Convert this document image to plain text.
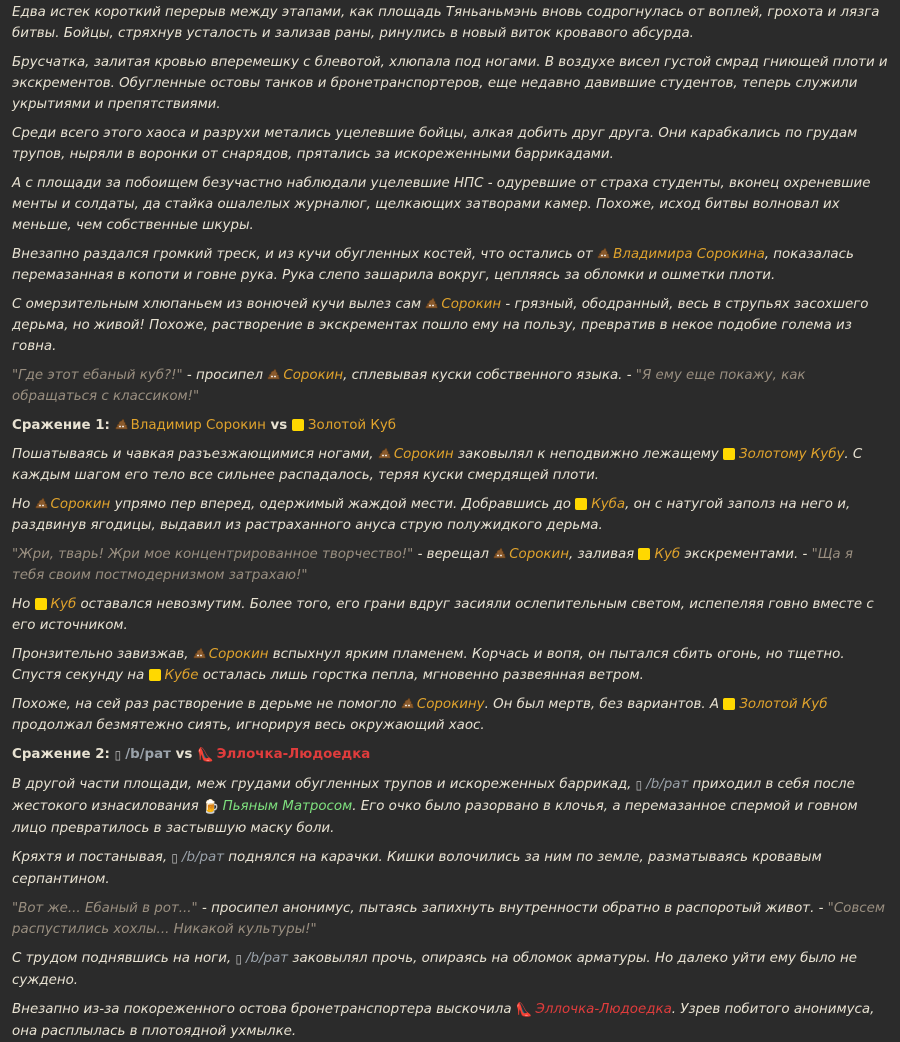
Едва истек короткий перерыв между этапами, как площадь Тяньаньмэнь вновь содрогнулась от воплей, грохота и лязга битвы. Бойцы, стряхнув усталость и зализав раны, ринулись в новый виток кровавого абсурда.

Брусчатка, залитая кровью вперемешку с блевотой, хлюпала под ногами. В воздухе висел густой смрад гниющей плоти и экскрементов. Обугленные остовы танков и бронетранспортеров, еще недавно давившие студентов, теперь служили укрытиями и препятствиями.

Среди всего этого хаоса и разрухи метались уцелевшие бойцы, алкая добить друг друга. Они карабкались по грудам трупов, ныряли в воронки от снарядов, прятались за искореженными баррикадами.

А с площади за побоищем безучастно наблюдали уцелевшие НПС - одуревшие от страха студенты, вконец охреневшие менты и солдаты, да стайка ошалелых журналюг, щелкающих затворами камер. Похоже, исход битвы волновал их меньше, чем собственные шкуры.

Внезапно раздался громкий треск, и из кучи обугленных костей, что остались от Владимира Сорокина, показалась перемазанная в копоти и говне рука. Рука слепо зашарила вокруг, цепляясь за обломки и ошметки плоти.

С омерзительным хлюпаньем из вонючей кучи вылез сам Сорокин - грязный, ободранный, весь в струпьях засохшего дерьма, но живой! Похоже, растворение в экскрементах пошло ему на пользу, превратив в некое подобие голема из говна.

"Где этот ебаный куб?!" - просипел Сорокин, сплевывая куски собственного языка. - "Я ему еще покажу, как обращаться с классиком!"

Сражение 1: Владимир Сорокин vs Золотой Куб

Пошатываясь и чавкая разъезжающимися ногами, Сорокин заковылял к неподвижно лежащему Золотому Кубу. С каждым шагом его тело все сильнее распадалось, теряя куски смердящей плоти.

Но Сорокин упрямо пер вперед, одержимый жаждой мести. Добравшись до Куба, он с натугой заполз на него и, раздвинув ягодицы, выдавил из растраханного ануса струю полужидкого дерьма.

"Жри, тварь! Жри мое концентрированное творчество!" - верещал Сорокин, заливая Куб экскрементами. - "Ща я тебя своим постмодернизмом затрахаю!"

Но Куб оставался невозмутим. Более того, его грани вдруг засияли ослепительным светом, испепеляя говно вместе с его источником.

Пронзительно завизжав, Сорокин вспыхнул ярким пламенем. Корчась и вопя, он пытался сбить огонь, но тщетно. Спустя секунду на Кубе осталась лишь горстка пепла, мгновенно развеянная ветром.

Похоже, на сей раз растворение в дерьме не помогло Сорокину. Он был мертв, без вариантов. А Золотой Куб продолжал безмятежно сиять, игнорируя весь окружающий хаос.

Сражение 2: ▯ /b/рат vs 👠 Эллочка-Людоедка

В другой части площади, меж грудами обугленных трупов и искореженных баррикад, ▯ /b/рат приходил в себя после жестокого изнасилования 🍺 Пьяным Матросом. Его очко было разорвано в клочья, а перемазанное спермой и говном лицо превратилось в застывшую маску боли.

Кряхтя и постанывая, ▯ /b/рат поднялся на карачки. Кишки волочились за ним по земле, разматываясь кровавым серпантином.

"Вот же... Ебаный в рот..." - просипел анонимус, пытаясь запихнуть внутренности обратно в распоротый живот. - "Совсем распустились хохлы... Никакой культуры!"

С трудом поднявшись на ноги, ▯ /b/рат заковылял прочь, опираясь на обломок арматуры. Но далеко уйти ему было не суждено.

Внезапно из-за покореженного остова бронетранспортера выскочила 👠 Эллочка-Людоедка. Узрев побитого анонимуса, она расплылась в плотоядной ухмылке.
